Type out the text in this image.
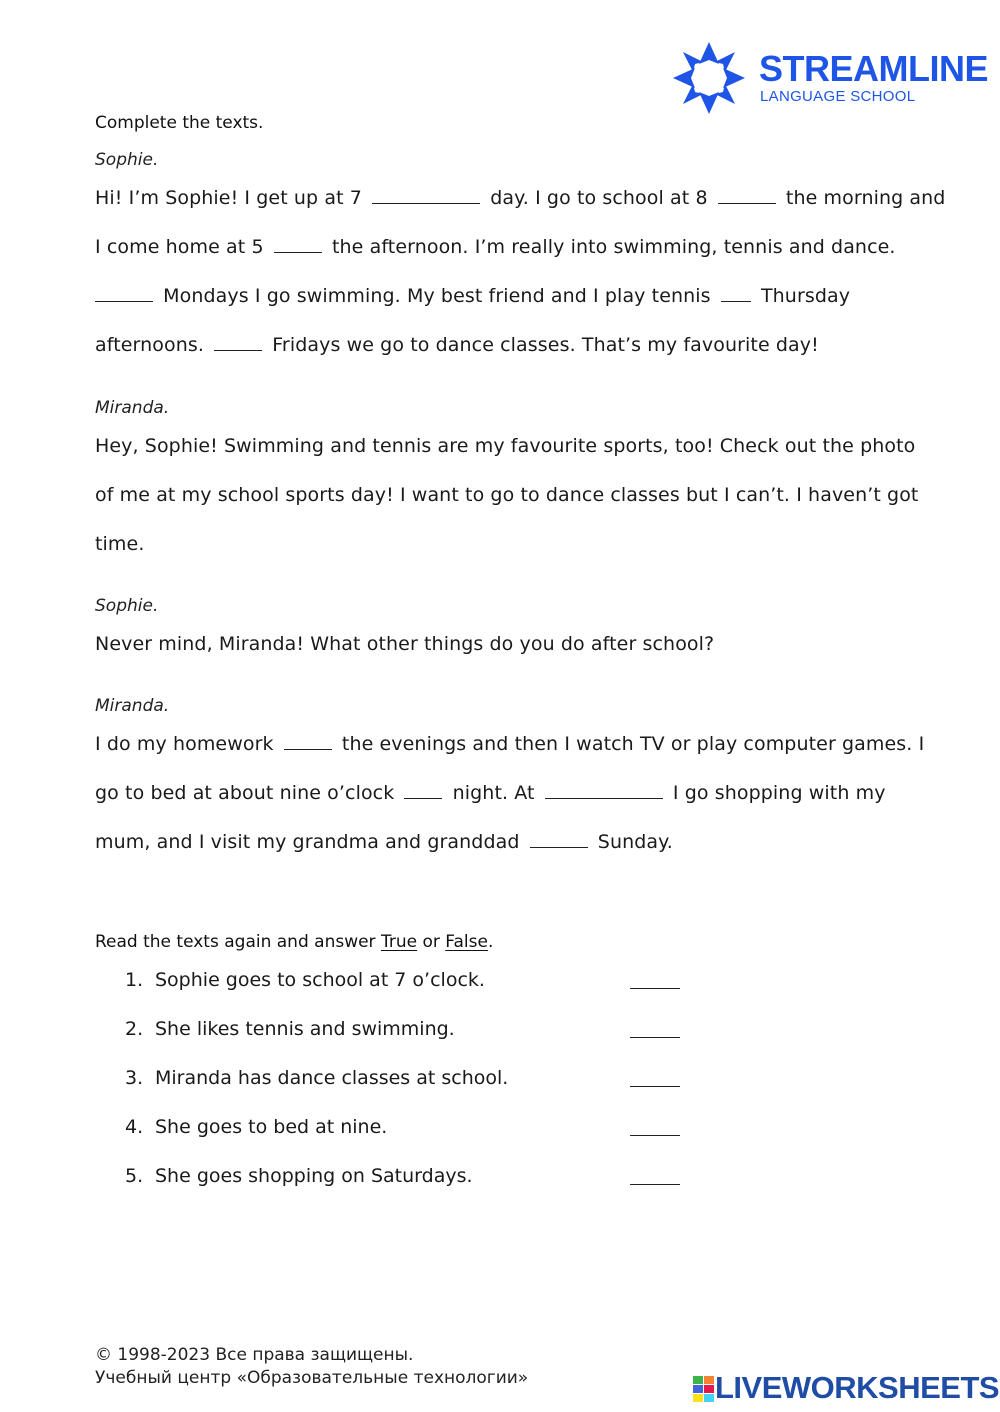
STREAMLINE
LANGUAGE SCHOOL
Complete the texts.
Sophie.
Hi! I’m Sophie! I get up at 7	day. I go to school at 8	the morning and
I come home at 5	the afternoon. I’m really into swimming, tennis and dance.
Mondays I go swimming. My best friend and I play tennis  Thursday
afternoons.	Fridays we go to dance classes. That’s my favourite day!
Miranda.
Hey, Sophie! Swimming and tennis are my favourite sports, too! Check out the photo
of me at my school sports day! I want to go to dance classes but I can’t. I haven’t got
time.
Sophie.
Never mind, Miranda! What other things do you do after school?
Miranda.
I do my homework	the evenings and then I watch TV or play computer games. I
go to bed at about nine o’clock  night. At	I go shopping with my
mum, and I visit my grandma and granddad	Sunday.
Read the texts again and answer True or False.
1. Sophie goes to school at 7 o’clock.
2. She likes tennis and swimming.
3. Miranda has dance classes at school.
4. She goes to bed at nine.
5. She goes shopping on Saturdays.
© 1998-2023 Все права защищены.
Учебный центр «Образовательные технологии»	LIVEWORKSHEETS
